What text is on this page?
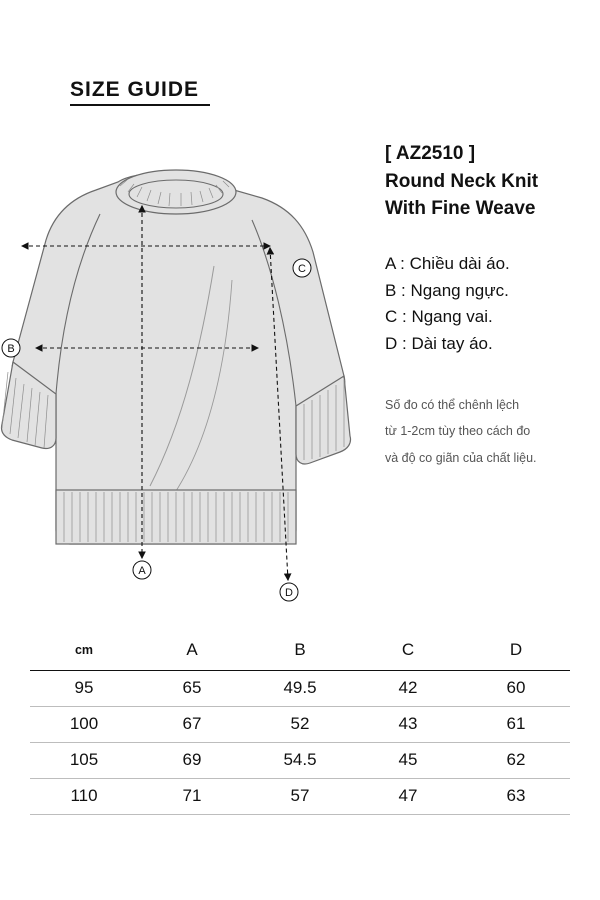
SIZE GUIDE
A
B
C
D
[ AZ2510 ]
Round Neck Knit
With Fine Weave
A : Chiều dài áo.
B : Ngang ngực.
C : Ngang vai.
D : Dài tay áo.
Số đo có thể chênh lệch
từ 1-2cm tùy theo cách đo
và độ co giãn của chất liệu.
cm	A	B	C	D
95	65	49.5	42	60
100	67	52	43	61
105	69	54.5	45	62
110	71	57	47	63
